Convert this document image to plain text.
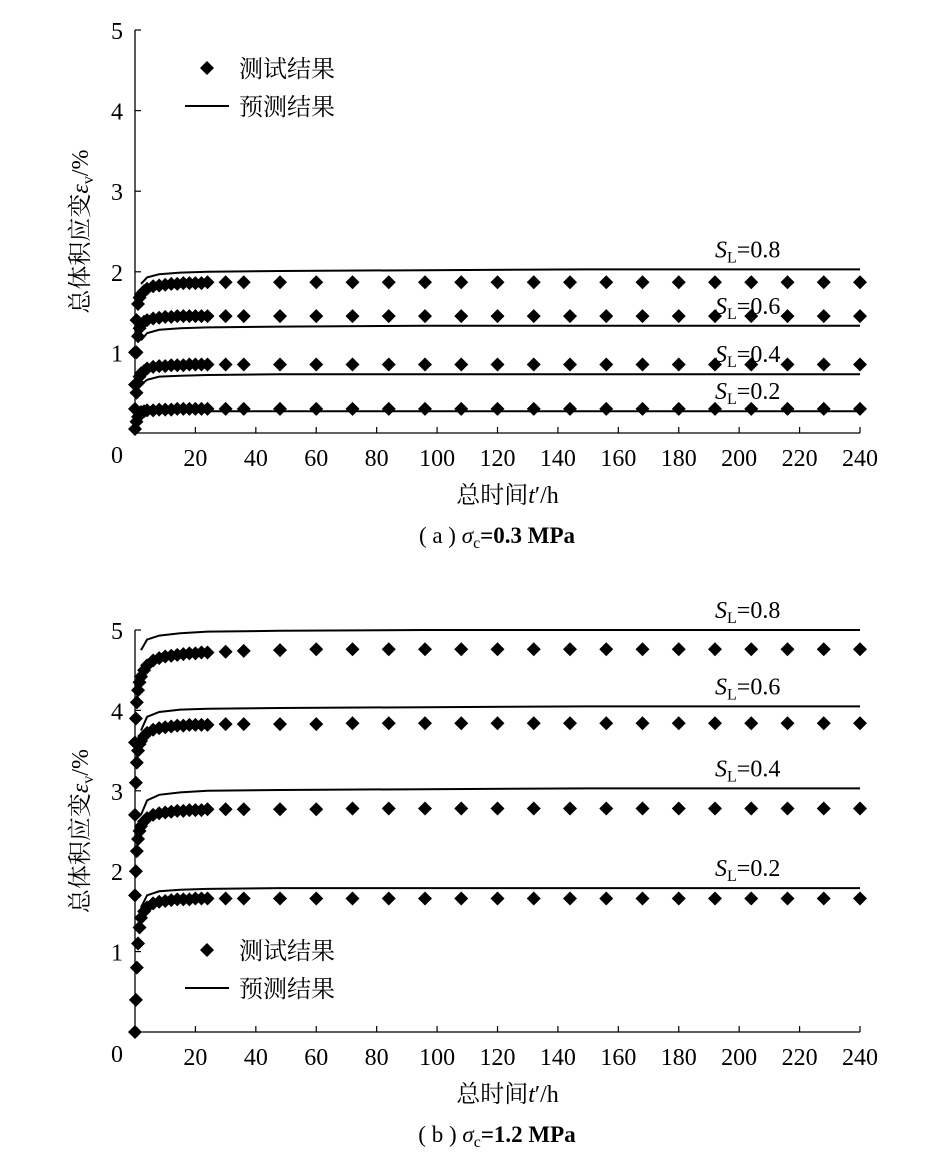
0
1
2
3
4
5
20 40 60 80 100 120 140 160 180 200 220 240
总时间t′/h
总体积应变$\varepsilon_v/\%$
( a ) $\sigma_c=0.3$ MPa
$S_L=0.2$
$S_L=0.4$
$S_L=0.6$
$S_L=0.8$
测试结果
预测结果
0
1
2
3
4
5
20 40 60 80 100 120 140 160 180 200 220 240
总时间t′/h
总体积应变$\varepsilon_v/\%$
( b ) $\sigma_c=1.2$ MPa
$S_L=0.2$
$S_L=0.4$
$S_L=0.6$
$S_L=0.8$
测试结果
预测结果
